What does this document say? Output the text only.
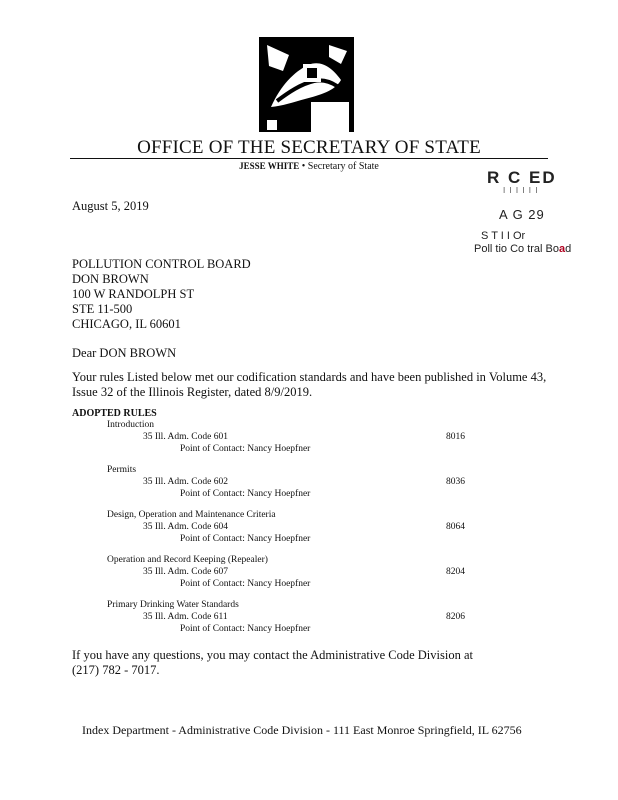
OFFICE OF THE SECRETARY OF STATE
JESSE WHITE • Secretary of State
R C ED
I I I I I I
A G 29
S T I I Or
Poll tio Co tral Boad
August 5, 2019
POLLUTION CONTROL BOARD
DON BROWN
100 W RANDOLPH ST
STE 11-500
CHICAGO, IL 60601
Dear DON BROWN
Your rules Listed below met our codification standards and have been published in Volume 43, Issue 32 of the Illinois Register, dated 8/9/2019.
ADOPTED RULES
Introduction
35 Ill. Adm. Code 601	8016
Point of Contact: Nancy Hoepfner
Permits
35 Ill. Adm. Code 602	8036
Point of Contact: Nancy Hoepfner
Design, Operation and Maintenance Criteria
35 Ill. Adm. Code 604	8064
Point of Contact: Nancy Hoepfner
Operation and Record Keeping (Repealer)
35 Ill. Adm. Code 607	8204
Point of Contact: Nancy Hoepfner
Primary Drinking Water Standards
35 Ill. Adm. Code 611	8206
Point of Contact: Nancy Hoepfner
If you have any questions, you may contact the Administrative Code Division at (217) 782 - 7017.
Index Department - Administrative Code Division - 111 East Monroe Springfield, IL 62756
